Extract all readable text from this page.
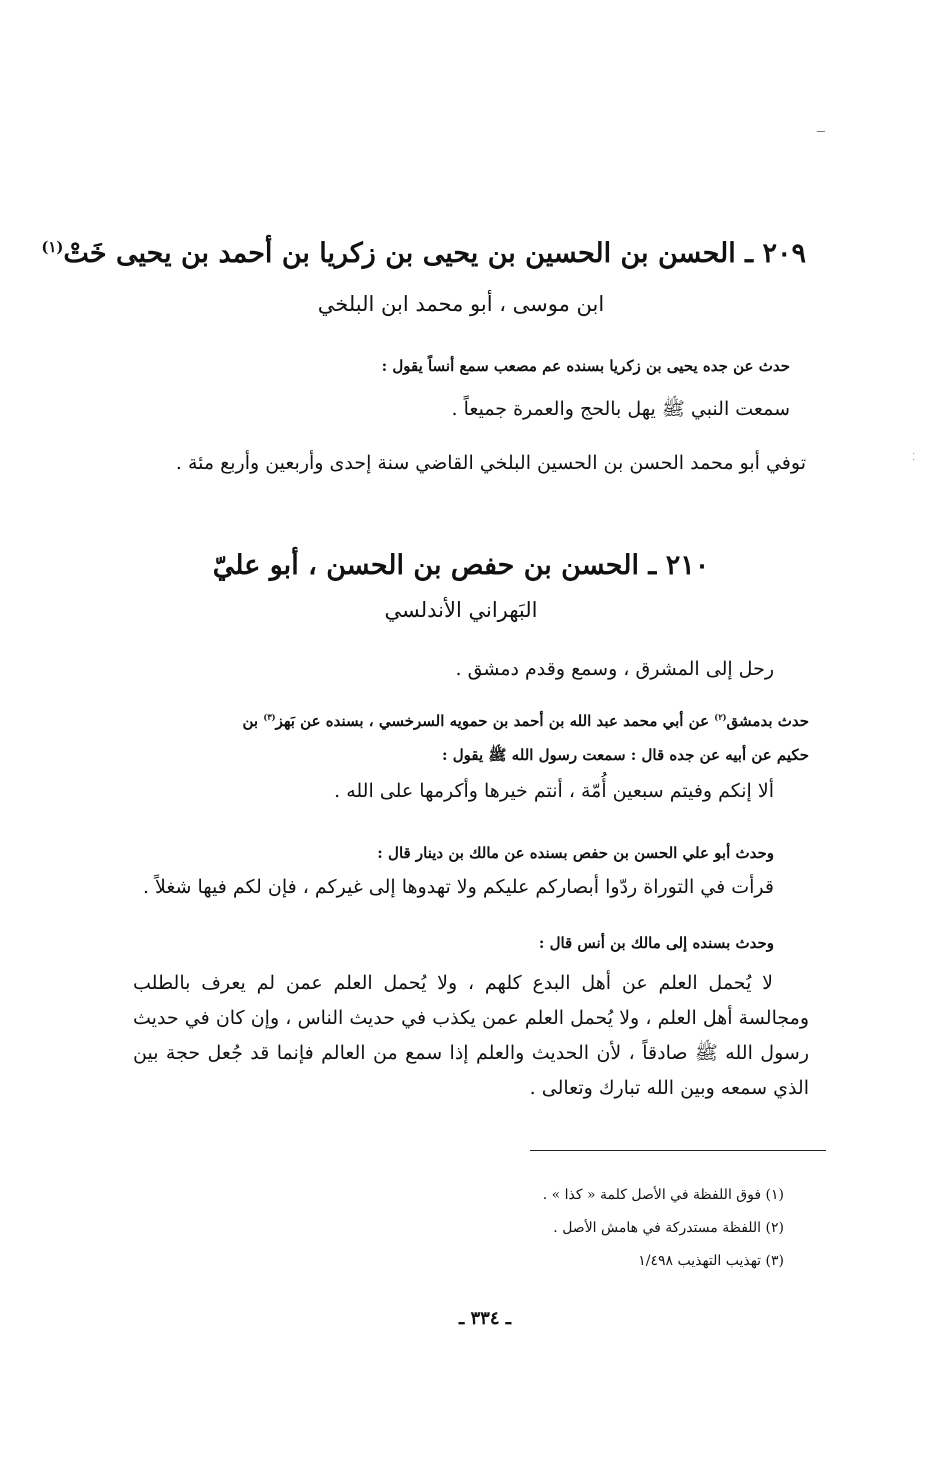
⁚
٢٠٩ ـ الحسن بن الحسين بن يحيى بن زكريا بن أحمد بن يحيى خَتْ$^{(١)}$
ابن موسى ، أبو محمد ابن البلخي
حدث عن جده يحيى بن زكريا بسنده عم مصعب سمع أنساً يقول :
سمعت النبي ﷺ يهل بالحج والعمرة جميعاً .
توفي أبو محمد الحسن بن الحسين البلخي القاضي سنة إحدى وأربعين وأربع مئة .
٢١٠ ـ الحسن بن حفص بن الحسن ، أبو عليّ
البَهراني الأندلسي
رحل إلى المشرق ، وسمع وقدم دمشق .
حدث بدمشق$^{(٢)}$ عن أبي محمد عبد الله بن أحمد بن حمويه السرخسي ، بسنده عن بَهز$^{(٣)}$ بن
حكيم عن أبيه عن جده قال : سمعت رسول الله ﷺ يقول :
ألا إنكم وفيتم سبعين أُمّة ، أنتم خيرها وأكرمها على الله .
وحدث أبو علي الحسن بن حفص بسنده عن مالك بن دينار قال :
قرأت في التوراة ردّوا أبصاركم عليكم ولا تهدوها إلى غيركم ، فإن لكم فيها شغلاً .
وحدث بسنده إلى مالك بن أنس قال :
لا يُحمل العلم عن أهل البدع كلهم ، ولا يُحمل العلم عمن لم يعرف بالطلب ومجالسة أهل العلم ، ولا يُحمل العلم عمن يكذب في حديث الناس ، وإن كان في حديث رسول الله ﷺ صادقاً ، لأن الحديث والعلم إذا سمع من العالم فإنما قد جُعل حجة بين الذي سمعه وبين الله تبارك وتعالى .
(١) فوق اللفظة في الأصل كلمة « كذا » .
(٢) اللفظة مستدركة في هامش الأصل .
(٣) تهذيب التهذيب ١/٤٩٨
ـ ٣٣٤ ـ
